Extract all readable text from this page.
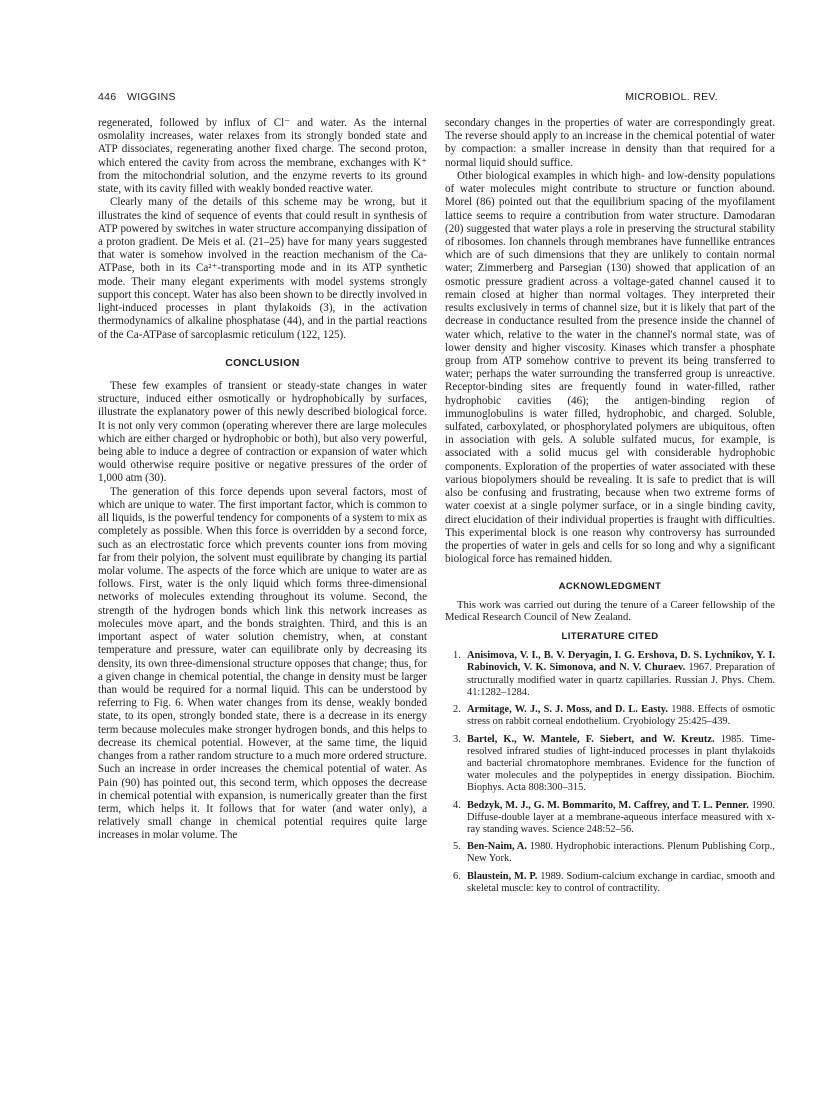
446 WIGGINS	MICROBIOL. REV.

regenerated, followed by influx of Cl⁻ and water. As the internal osmolality increases, water relaxes from its strongly bonded state and ATP dissociates, regenerating another fixed charge. The second proton, which entered the cavity from across the membrane, exchanges with K⁺ from the mitochondrial solution, and the enzyme reverts to its ground state, with its cavity filled with weakly bonded reactive water.

Clearly many of the details of this scheme may be wrong, but it illustrates the kind of sequence of events that could result in synthesis of ATP powered by switches in water structure accompanying dissipation of a proton gradient. De Meis et al. (21–25) have for many years suggested that water is somehow involved in the reaction mechanism of the Ca-ATPase, both in its Ca²⁺-transporting mode and in its ATP synthetic mode. Their many elegant experiments with model systems strongly support this concept. Water has also been shown to be directly involved in light-induced processes in plant thylakoids (3), in the activation thermodynamics of alkaline phosphatase (44), and in the partial reactions of the Ca-ATPase of sarcoplasmic reticulum (122, 125).

CONCLUSION

These few examples of transient or steady-state changes in water structure, induced either osmotically or hydrophobically by surfaces, illustrate the explanatory power of this newly described biological force. It is not only very common (operating wherever there are large molecules which are either charged or hydrophobic or both), but also very powerful, being able to induce a degree of contraction or expansion of water which would otherwise require positive or negative pressures of the order of 1,000 atm (30).

The generation of this force depends upon several factors, most of which are unique to water. The first important factor, which is common to all liquids, is the powerful tendency for components of a system to mix as completely as possible. When this force is overridden by a second force, such as an electrostatic force which prevents counter ions from moving far from their polyion, the solvent must equilibrate by changing its partial molar volume. The aspects of the force which are unique to water are as follows. First, water is the only liquid which forms three-dimensional networks of molecules extending throughout its volume. Second, the strength of the hydrogen bonds which link this network increases as molecules move apart, and the bonds straighten. Third, and this is an important aspect of water solution chemistry, when, at constant temperature and pressure, water can equilibrate only by decreasing its density, its own three-dimensional structure opposes that change; thus, for a given change in chemical potential, the change in density must be larger than would be required for a normal liquid. This can be understood by referring to Fig. 6. When water changes from its dense, weakly bonded state, to its open, strongly bonded state, there is a decrease in its energy term because molecules make stronger hydrogen bonds, and this helps to decrease its chemical potential. However, at the same time, the liquid changes from a rather random structure to a much more ordered structure. Such an increase in order increases the chemical potential of water. As Pain (90) has pointed out, this second term, which opposes the decrease in chemical potential with expansion, is numerically greater than the first term, which helps it. It follows that for water (and water only), a relatively small change in chemical potential requires quite large increases in molar volume. The

secondary changes in the properties of water are correspondingly great. The reverse should apply to an increase in the chemical potential of water by compaction: a smaller increase in density than that required for a normal liquid should suffice.

Other biological examples in which high- and low-density populations of water molecules might contribute to structure or function abound. Morel (86) pointed out that the equilibrium spacing of the myofilament lattice seems to require a contribution from water structure. Damodaran (20) suggested that water plays a role in preserving the structural stability of ribosomes. Ion channels through membranes have funnellike entrances which are of such dimensions that they are unlikely to contain normal water; Zimmerberg and Parsegian (130) showed that application of an osmotic pressure gradient across a voltage-gated channel caused it to remain closed at higher than normal voltages. They interpreted their results exclusively in terms of channel size, but it is likely that part of the decrease in conductance resulted from the presence inside the channel of water which, relative to the water in the channel's normal state, was of lower density and higher viscosity. Kinases which transfer a phosphate group from ATP somehow contrive to prevent its being transferred to water; perhaps the water surrounding the transferred group is unreactive. Receptor-binding sites are frequently found in water-filled, rather hydrophobic cavities (46); the antigen-binding region of immunoglobulins is water filled, hydrophobic, and charged. Soluble, sulfated, carboxylated, or phosphorylated polymers are ubiquitous, often in association with gels. A soluble sulfated mucus, for example, is associated with a solid mucus gel with considerable hydrophobic components. Exploration of the properties of water associated with these various biopolymers should be revealing. It is safe to predict that is will also be confusing and frustrating, because when two extreme forms of water coexist at a single polymer surface, or in a single binding cavity, direct elucidation of their individual properties is fraught with difficulties. This experimental block is one reason why controversy has surrounded the properties of water in gels and cells for so long and why a significant biological force has remained hidden.

ACKNOWLEDGMENT

This work was carried out during the tenure of a Career fellowship of the Medical Research Council of New Zealand.

LITERATURE CITED
1. Anisimova, V. I., B. V. Deryagin, I. G. Ershova, D. S. Lychnikov, Y. I. Rabinovich, V. K. Simonova, and N. V. Churaev. 1967. Preparation of structurally modified water in quartz capillaries. Russian J. Phys. Chem. 41:1282–1284.
2. Armitage, W. J., S. J. Moss, and D. L. Easty. 1988. Effects of osmotic stress on rabbit corneal endothelium. Cryobiology 25:425–439.
3. Bartel, K., W. Mantele, F. Siebert, and W. Kreutz. 1985. Time-resolved infrared studies of light-induced processes in plant thylakoids and bacterial chromatophore membranes. Evidence for the function of water molecules and the polypeptides in energy dissipation. Biochim. Biophys. Acta 808:300–315.
4. Bedzyk, M. J., G. M. Bommarito, M. Caffrey, and T. L. Penner. 1990. Diffuse-double layer at a membrane-aqueous interface measured with x-ray standing waves. Science 248:52–56.
5. Ben-Naim, A. 1980. Hydrophobic interactions. Plenum Publishing Corp., New York.
6. Blaustein, M. P. 1989. Sodium-calcium exchange in cardiac, smooth and skeletal muscle: key to control of contractility.
